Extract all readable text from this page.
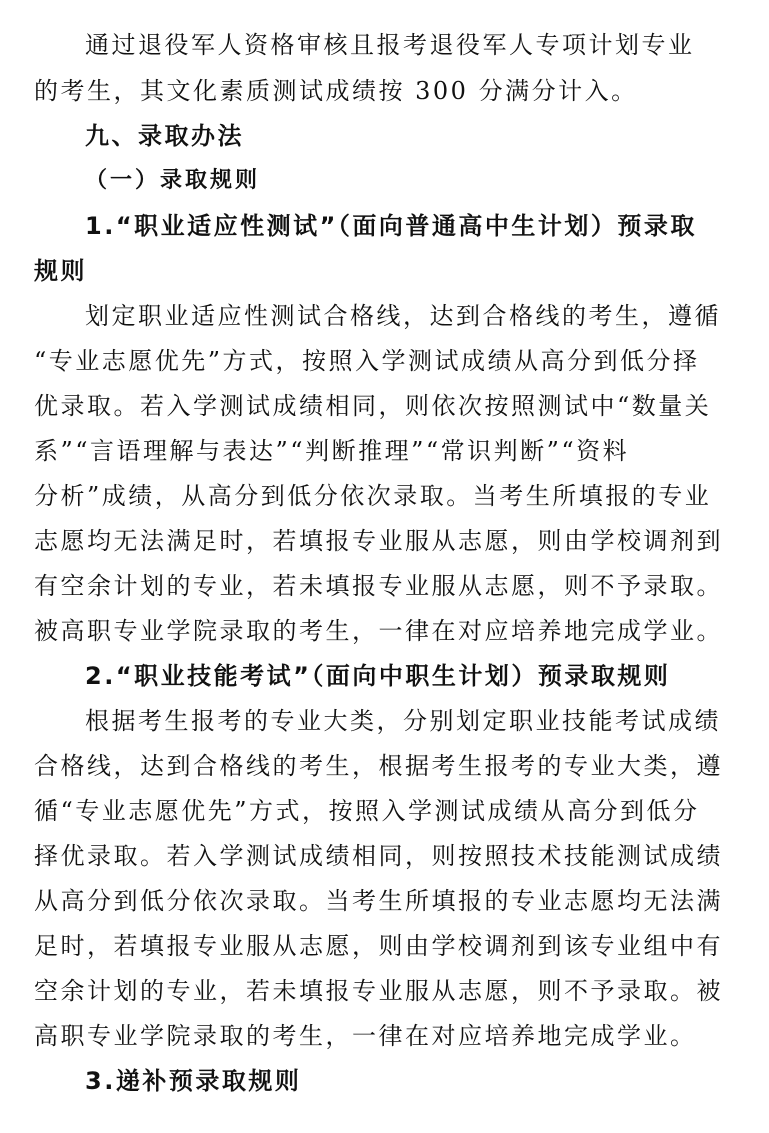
通过退役军人资格审核且报考退役军人专项计划专业
的考生，其文化素质测试成绩按 300 分满分计入。
九、录取办法
（一）录取规则
1.“职业适应性测试”（面向普通高中生计划）预录取
规则
划定职业适应性测试合格线，达到合格线的考生，遵循
“专业志愿优先”方式，按照入学测试成绩从高分到低分择
优录取。若入学测试成绩相同，则依次按照测试中“数量关
系”“言语理解与表达”“判断推理”“常识判断”“资料
分析”成绩，从高分到低分依次录取。当考生所填报的专业
志愿均无法满足时，若填报专业服从志愿，则由学校调剂到
有空余计划的专业，若未填报专业服从志愿，则不予录取。
被高职专业学院录取的考生，一律在对应培养地完成学业。
2.“职业技能考试”（面向中职生计划）预录取规则
根据考生报考的专业大类，分别划定职业技能考试成绩
合格线，达到合格线的考生，根据考生报考的专业大类，遵
循“专业志愿优先”方式，按照入学测试成绩从高分到低分
择优录取。若入学测试成绩相同，则按照技术技能测试成绩
从高分到低分依次录取。当考生所填报的专业志愿均无法满
足时，若填报专业服从志愿，则由学校调剂到该专业组中有
空余计划的专业，若未填报专业服从志愿，则不予录取。被
高职专业学院录取的考生，一律在对应培养地完成学业。
3.递补预录取规则
